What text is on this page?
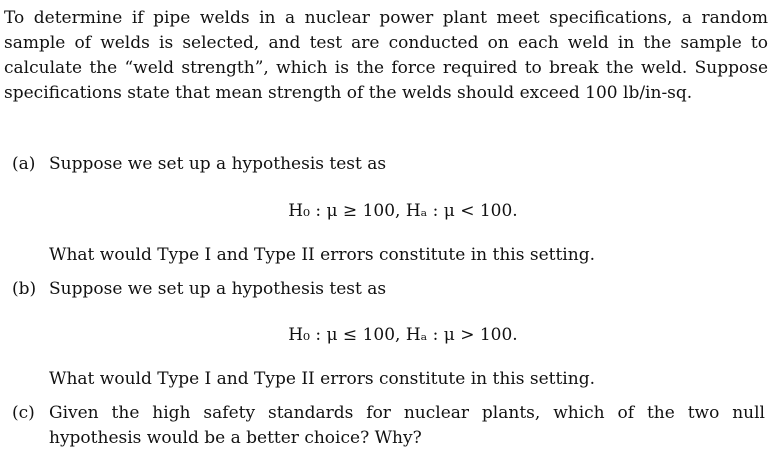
To determine if pipe welds in a nuclear power plant meet specifications, a random sample of welds is selected, and test are conducted on each weld in the sample to calculate the “weld strength”, which is the force required to break the weld. Suppose specifications state that mean strength of the welds should exceed 100 lb/in-sq.

(a) Suppose we set up a hypothesis test as

H₀ : μ ≥ 100, Hₐ : μ < 100.
What would Type I and Type II errors constitute in this setting.
(b) Suppose we set up a hypothesis test as

H₀ : μ ≤ 100, Hₐ : μ > 100.
What would Type I and Type II errors constitute in this setting.
(c) Given the high safety standards for nuclear plants, which of the two null hypothesis would be a better choice? Why?
